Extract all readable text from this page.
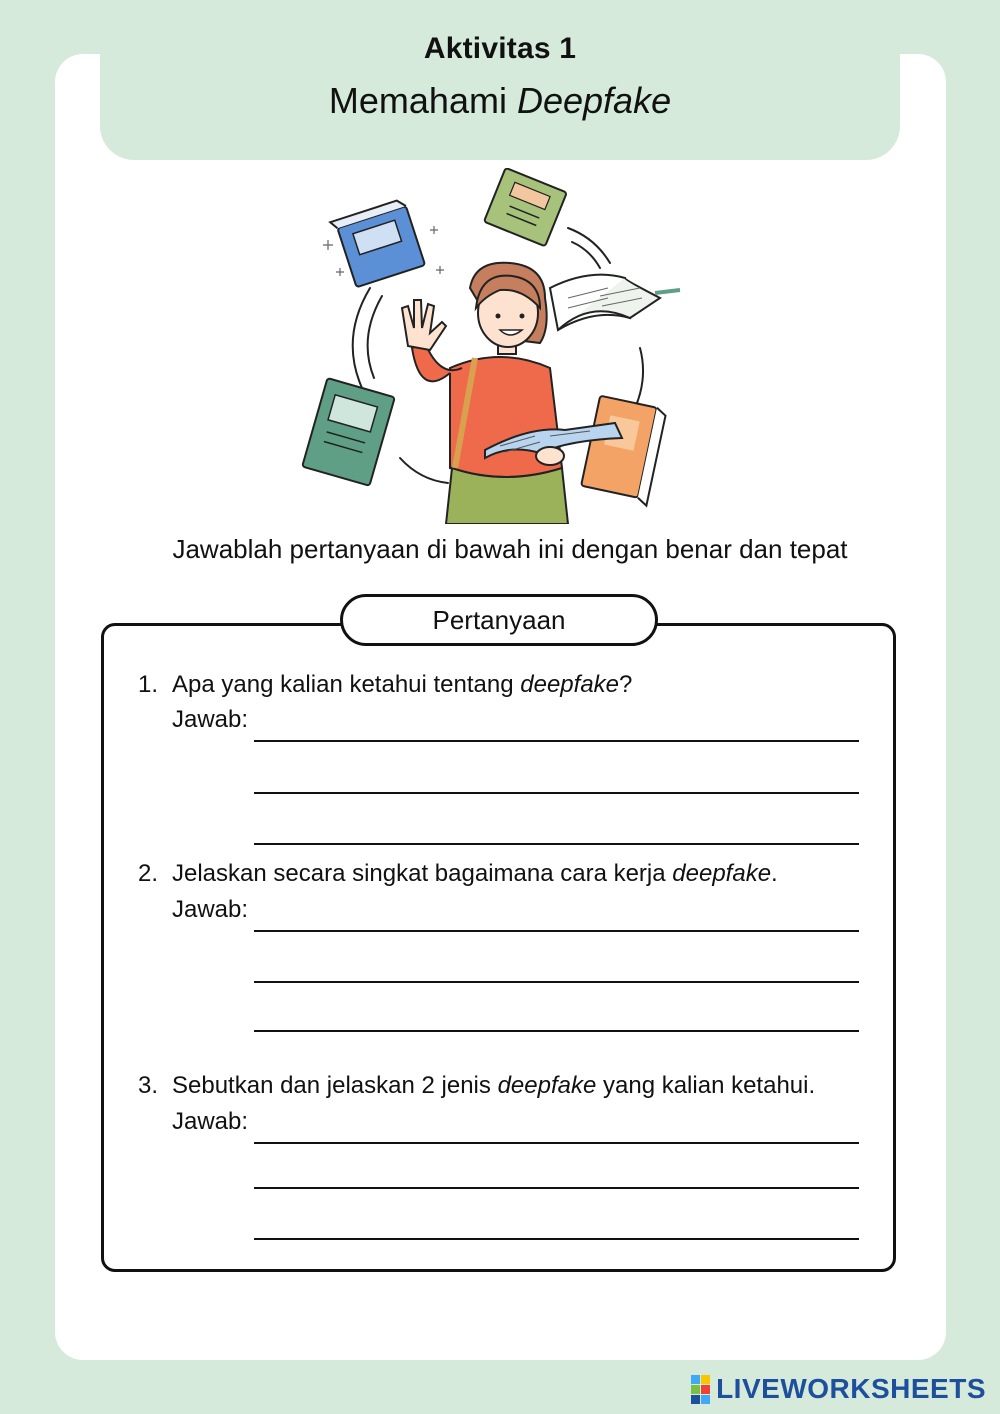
Aktivitas 1
Memahami Deepfake
Jawablah pertanyaan di bawah ini dengan benar dan tepat
Pertanyaan
1. Apa yang kalian ketahui tentang deepfake?
Jawab:
2. Jelaskan secara singkat bagaimana cara kerja deepfake.
Jawab:
3. Sebutkan dan jelaskan 2 jenis deepfake yang kalian ketahui.
Jawab:
LIVEWORKSHEETS
